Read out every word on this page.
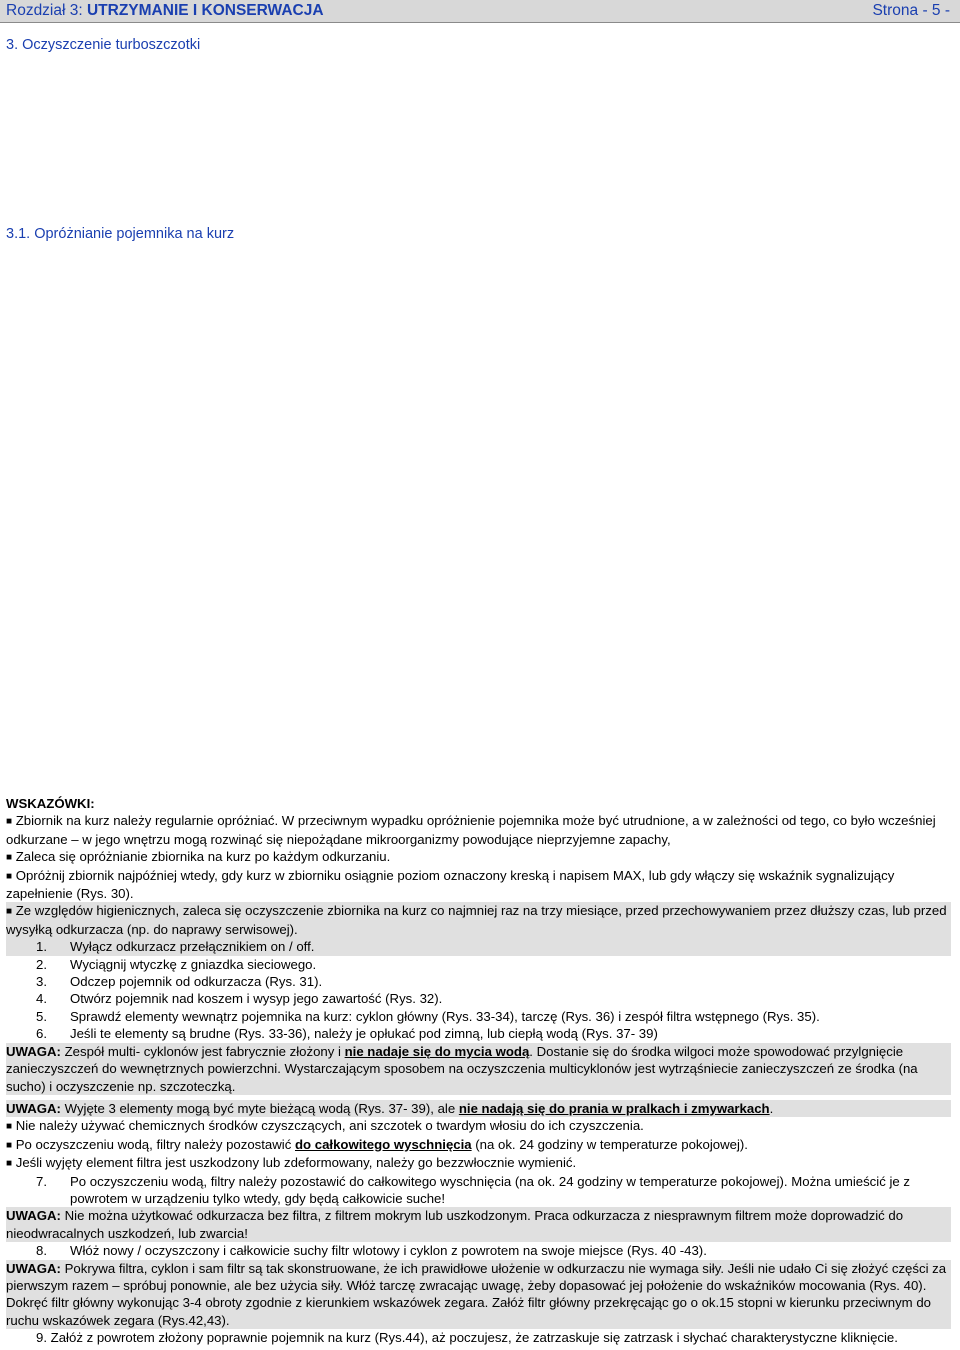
Rozdział 3: UTRZYMANIE I KONSERWACJA	Strona - 5 -
3. Oczyszczenie turboszczotki
3.1. Opróżnianie pojemnika na kurz

WSKAZÓWKI:

■ Zbiornik na kurz należy regularnie opróżniać. W przeciwnym wypadku opróżnienie pojemnika może być utrudnione, a w zależności od tego, co było wcześniej odkurzane – w jego wnętrzu mogą rozwinąć się niepożądane mikroorganizmy powodujące nieprzyjemne zapachy,

■ Zaleca się opróżnianie zbiornika na kurz po każdym odkurzaniu.

■ Opróżnij zbiornik najpóźniej wtedy, gdy kurz w zbiorniku osiągnie poziom oznaczony kreską i napisem MAX, lub gdy włączy się wskaźnik sygnalizujący zapełnienie (Rys. 30).

■ Ze względów higienicznych, zaleca się oczyszczenie zbiornika na kurz co najmniej raz na trzy miesiące, przed przechowywaniem przez dłuższy czas, lub przed wysyłką odkurzacza (np. do naprawy serwisowej).

1. Wyłącz odkurzacz przełącznikiem on / off.

2. Wyciągnij wtyczkę z gniazdka sieciowego.

3. Odczep pojemnik od odkurzacza (Rys. 31).

4. Otwórz pojemnik nad koszem i wysyp jego zawartość (Rys. 32).

5. Sprawdź elementy wewnątrz pojemnika na kurz: cyklon główny (Rys. 33-34), tarczę (Rys. 36) i zespół filtra wstępnego (Rys. 35).

6. Jeśli te elementy są brudne (Rys. 33-36), należy je opłukać pod zimną, lub ciepłą wodą (Rys. 37- 39)

UWAGA: Zespół multi- cyklonów jest fabrycznie złożony i nie nadaje się do mycia wodą. Dostanie się do środka wilgoci może spowodować przylgnięcie zanieczyszczeń do wewnętrznych powierzchni. Wystarczającym sposobem na oczyszczenia multicyklonów jest wytrząśniecie zanieczyszczeń ze środka (na sucho) i oczyszczenie np. szczoteczką.

UWAGA: Wyjęte 3 elementy mogą być myte bieżącą wodą (Rys. 37- 39), ale nie nadają się do prania w pralkach i zmywarkach.

■ Nie należy używać chemicznych środków czyszczących, ani szczotek o twardym włosiu do ich czyszczenia.

■ Po oczyszczeniu wodą, filtry należy pozostawić do całkowitego wyschnięcia (na ok. 24 godziny w temperaturze pokojowej).

■ Jeśli wyjęty element filtra jest uszkodzony lub zdeformowany, należy go bezzwłocznie wymienić.

7. Po oczyszczeniu wodą, filtry należy pozostawić do całkowitego wyschnięcia (na ok. 24 godziny w temperaturze pokojowej). Można umieścić je z powrotem w urządzeniu tylko wtedy, gdy będą całkowicie suche!

UWAGA: Nie można użytkować odkurzacza bez filtra, z filtrem mokrym lub uszkodzonym. Praca odkurzacza z niesprawnym filtrem może doprowadzić do nieodwracalnych uszkodzeń, lub zwarcia!

8. Włóż nowy / oczyszczony i całkowicie suchy filtr wlotowy i cyklon z powrotem na swoje miejsce (Rys. 40 -43).

UWAGA: Pokrywa filtra, cyklon i sam filtr są tak skonstruowane, że ich prawidłowe ułożenie w odkurzaczu nie wymaga siły. Jeśli nie udało Ci się złożyć części za pierwszym razem – spróbuj ponownie, ale bez użycia siły. Włóż tarczę zwracając uwagę, żeby dopasować jej położenie do wskaźników mocowania (Rys. 40). Dokręć filtr główny wykonując 3-4 obroty zgodnie z kierunkiem wskazówek zegara. Załóż filtr główny przekręcając go o ok.15 stopni w kierunku przeciwnym do ruchu wskazówek zegara (Rys.42,43).

9. Załóż z powrotem złożony poprawnie pojemnik na kurz (Rys.44), aż poczujesz, że zatrzaskuje się zatrzask i słychać charakterystyczne kliknięcie.
